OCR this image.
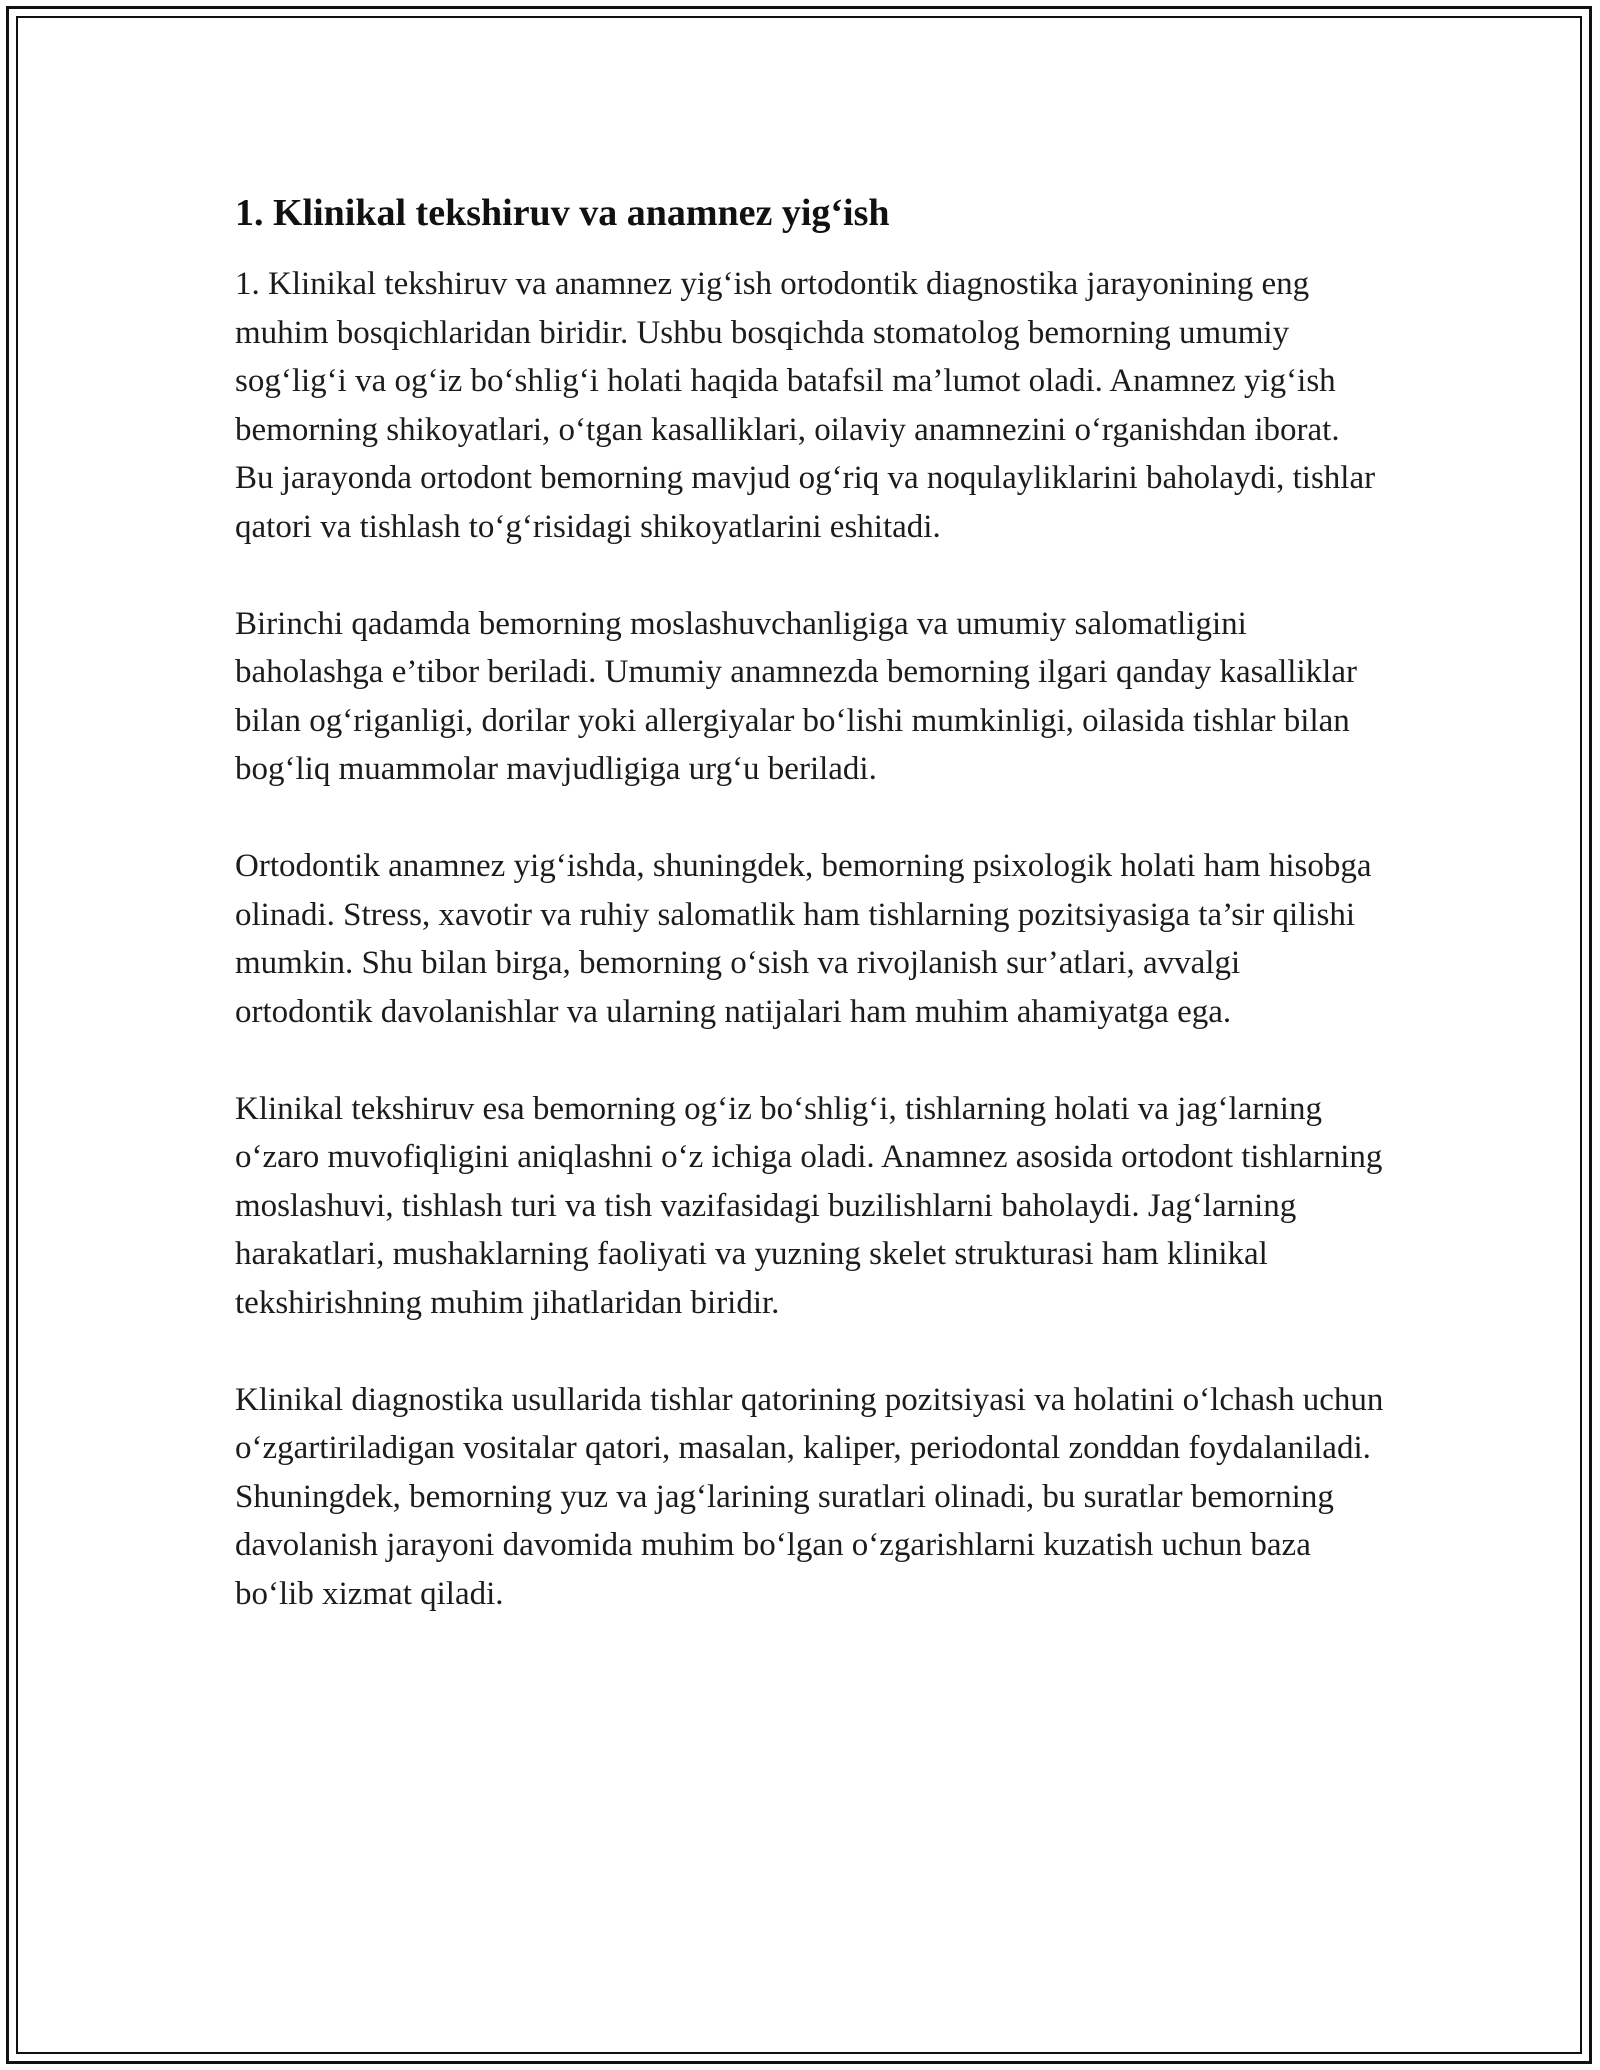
1. Klinikal tekshiruv va anamnez yig‘ish

1. Klinikal tekshiruv va anamnez yig‘ish ortodontik diagnostika jarayonining eng muhim bosqichlaridan biridir. Ushbu bosqichda stomatolog bemorning umumiy sog‘lig‘i va og‘iz bo‘shlig‘i holati haqida batafsil ma’lumot oladi. Anamnez yig‘ish bemorning shikoyatlari, o‘tgan kasalliklari, oilaviy anamnezini o‘rganishdan iborat. Bu jarayonda ortodont bemorning mavjud og‘riq va noqulayliklarini baholaydi, tishlar qatori va tishlash to‘g‘risidagi shikoyatlarini eshitadi.

Birinchi qadamda bemorning moslashuvchanligiga va umumiy salomatligini baholashga e’tibor beriladi. Umumiy anamnezda bemorning ilgari qanday kasalliklar bilan og‘riganligi, dorilar yoki allergiyalar bo‘lishi mumkinligi, oilasida tishlar bilan bog‘liq muammolar mavjudligiga urg‘u beriladi.

Ortodontik anamnez yig‘ishda, shuningdek, bemorning psixologik holati ham hisobga olinadi. Stress, xavotir va ruhiy salomatlik ham tishlarning pozitsiyasiga ta’sir qilishi mumkin. Shu bilan birga, bemorning o‘sish va rivojlanish sur’atlari, avvalgi ortodontik davolanishlar va ularning natijalari ham muhim ahamiyatga ega.

Klinikal tekshiruv esa bemorning og‘iz bo‘shlig‘i, tishlarning holati va jag‘larning o‘zaro muvofiqligini aniqlashni o‘z ichiga oladi. Anamnez asosida ortodont tishlarning moslashuvi, tishlash turi va tish vazifasidagi buzilishlarni baholaydi. Jag‘larning harakatlari, mushaklarning faoliyati va yuzning skelet strukturasi ham klinikal tekshirishning muhim jihatlaridan biridir.

Klinikal diagnostika usullarida tishlar qatorining pozitsiyasi va holatini o‘lchash uchun o‘zgartiriladigan vositalar qatori, masalan, kaliper, periodontal zonddan foydalaniladi. Shuningdek, bemorning yuz va jag‘larining suratlari olinadi, bu suratlar bemorning davolanish jarayoni davomida muhim bo‘lgan o‘zgarishlarni kuzatish uchun baza bo‘lib xizmat qiladi.
